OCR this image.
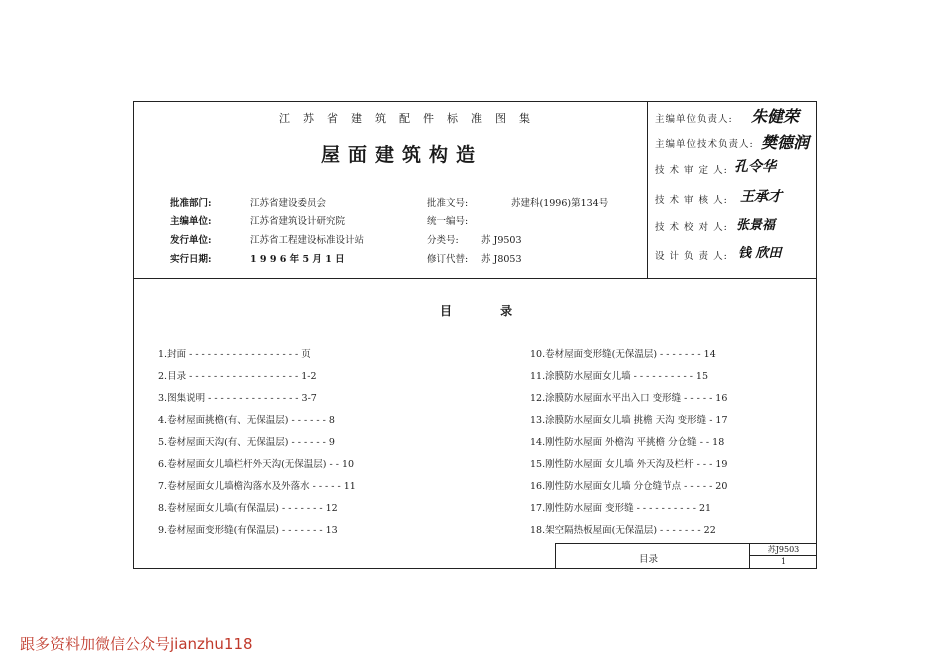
江苏省建筑配件标准图集
屋面建筑构造
批准部门:	江苏省建设委员会
主编单位:	江苏省建筑设计研究院
发行单位:	江苏省工程建设标准设计站
实行日期:	1 9 9 6 年 5 月 1 日
批准文号:	苏建科(1996)第134号
统一编号:
分类号: 苏 J9503
修订代替: 苏 J8053
主编单位负责人: 朱健荣
主编单位技术负责人: 樊德润
技 术 审 定 人: 孔令华
技 术 审 核 人: 王承才
技 术 校 对 人: 张景福
设 计 负 责 人: 钱 欣田
目 录
1.封面 - - - - - - - - - - - - - - - - - - 页
2.目录 - - - - - - - - - - - - - - - - - - 1-2
3.图集说明 - - - - - - - - - - - - - - - 3-7
4.卷材屋面挑檐(有、无保温层) - - - - - - 8
5.卷材屋面天沟(有、无保温层) - - - - - - 9
6.卷材屋面女儿墙栏杆外天沟(无保温层) - - 10
7.卷材屋面女儿墙檐沟落水及外落水 - - - - - 11
8.卷材屋面女儿墙(有保温层) - - - - - - - 12
9.卷材屋面变形缝(有保温层) - - - - - - - 13
10.卷材屋面变形缝(无保温层) - - - - - - - 14
11.涂膜防水屋面女儿墙 - - - - - - - - - - 15
12.涂膜防水屋面水平出入口 变形缝 - - - - - 16
13.涂膜防水屋面女儿墙 挑檐 天沟 变形缝 - 17
14.刚性防水屋面 外檐沟 平挑檐 分仓缝 - - 18
15.刚性防水屋面 女儿墙 外天沟及栏杆 - - - 19
16.刚性防水屋面女儿墙 分仓缝节点 - - - - - 20
17.刚性防水屋面 变形缝 - - - - - - - - - - 21
18.架空隔热板屋面(无保温层) - - - - - - - 22
目录
苏J9503
1
跟多资料加微信公众号jianzhu118
